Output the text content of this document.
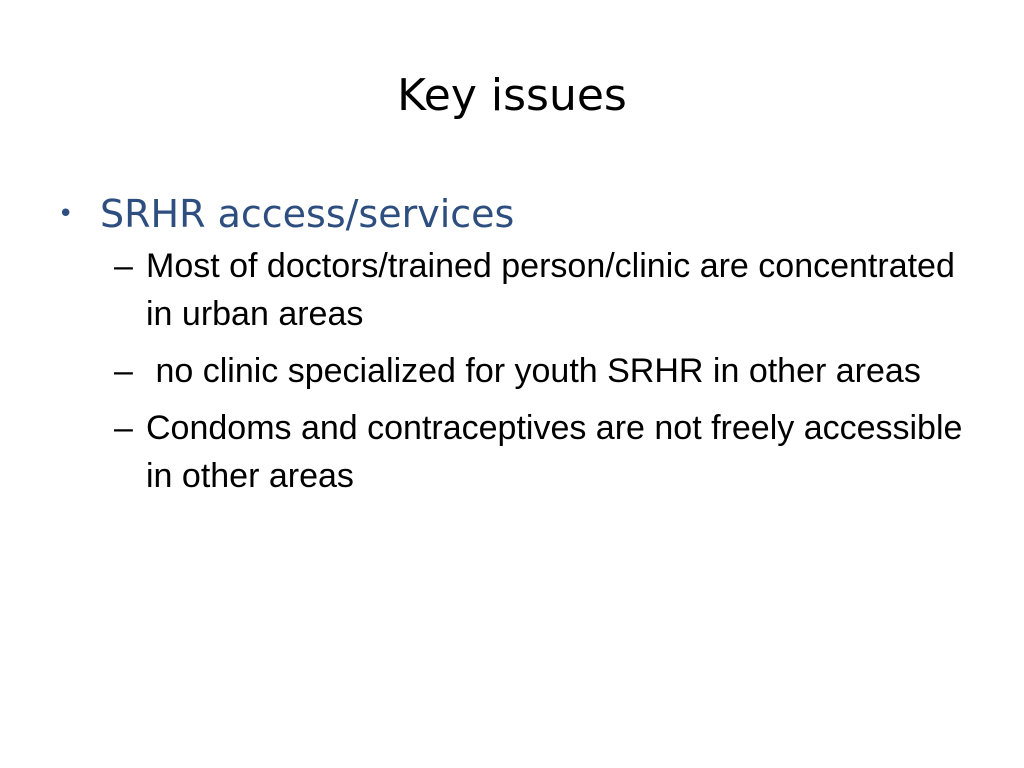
Key issues
• SRHR access/services
– Most of doctors/trained person/clinic are concentrated in urban areas
– no clinic specialized for youth SRHR in other areas
– Condoms and contraceptives are not freely accessible in other areas
